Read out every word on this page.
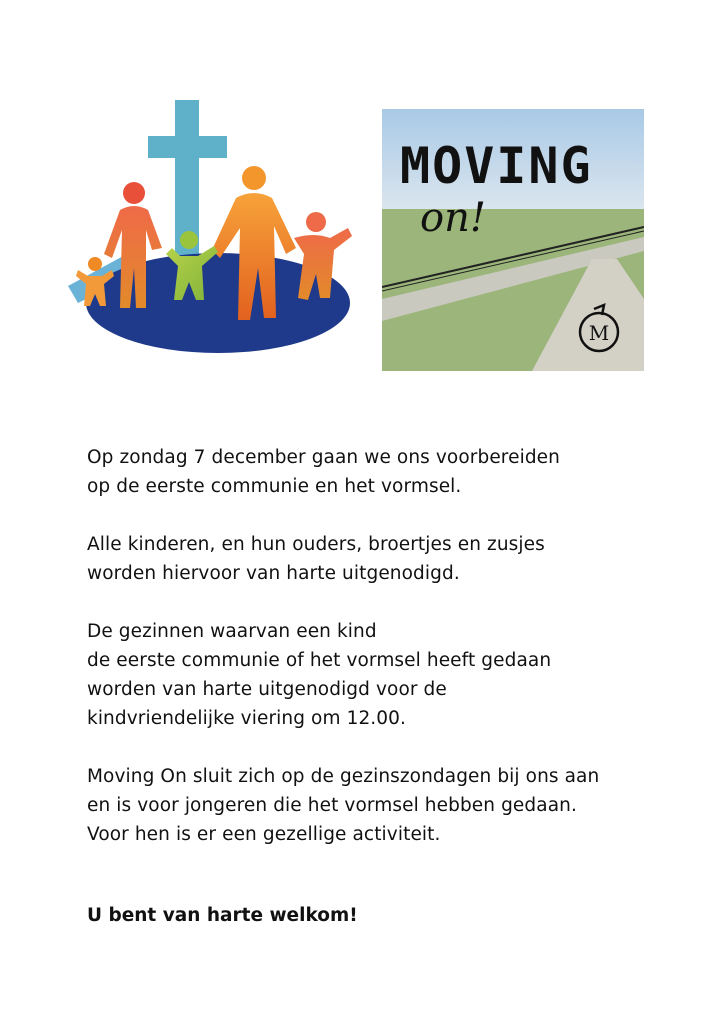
MOVING
on!
M

Op zondag 7 december gaan we ons voorbereiden
op de eerste communie en het vormsel.

Alle kinderen, en hun ouders, broertjes en zusjes
worden hiervoor van harte uitgenodigd.

De gezinnen waarvan een kind
de eerste communie of het vormsel heeft gedaan
worden van harte uitgenodigd voor de
kindvriendelijke viering om 12.00.

Moving On sluit zich op de gezinszondagen bij ons aan
en is voor jongeren die het vormsel hebben gedaan.
Voor hen is er een gezellige activiteit.

U bent van harte welkom!
